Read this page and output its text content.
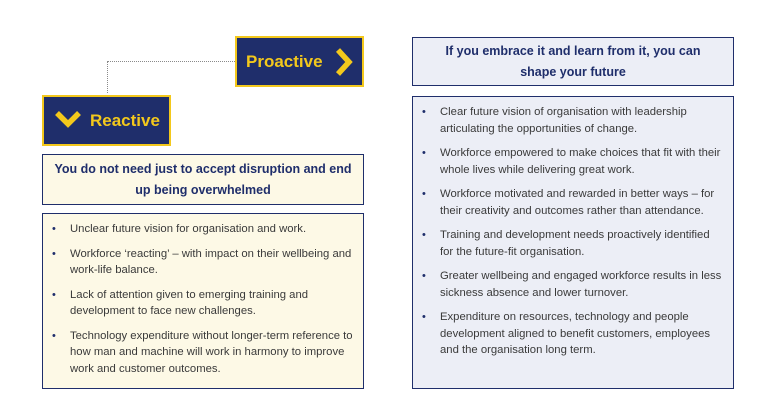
Proactive
Reactive
You do not need just to accept disruption and end up being overwhelmed
• Unclear future vision for organisation and work.
• Workforce ‘reacting’ – with impact on their wellbeing and work-life balance.
• Lack of attention given to emerging training and development to face new challenges.
• Technology expenditure without longer-term reference to how man and machine will work in harmony to improve work and customer outcomes.
If you embrace it and learn from it, you can shape your future
• Clear future vision of organisation with leadership articulating the opportunities of change.
• Workforce empowered to make choices that fit with their whole lives while delivering great work.
• Workforce motivated and rewarded in better ways – for their creativity and outcomes rather than attendance.
• Training and development needs proactively identified for the future-fit organisation.
• Greater wellbeing and engaged workforce results in less sickness absence and lower turnover.
• Expenditure on resources, technology and people development aligned to benefit customers, employees and the organisation long term.
